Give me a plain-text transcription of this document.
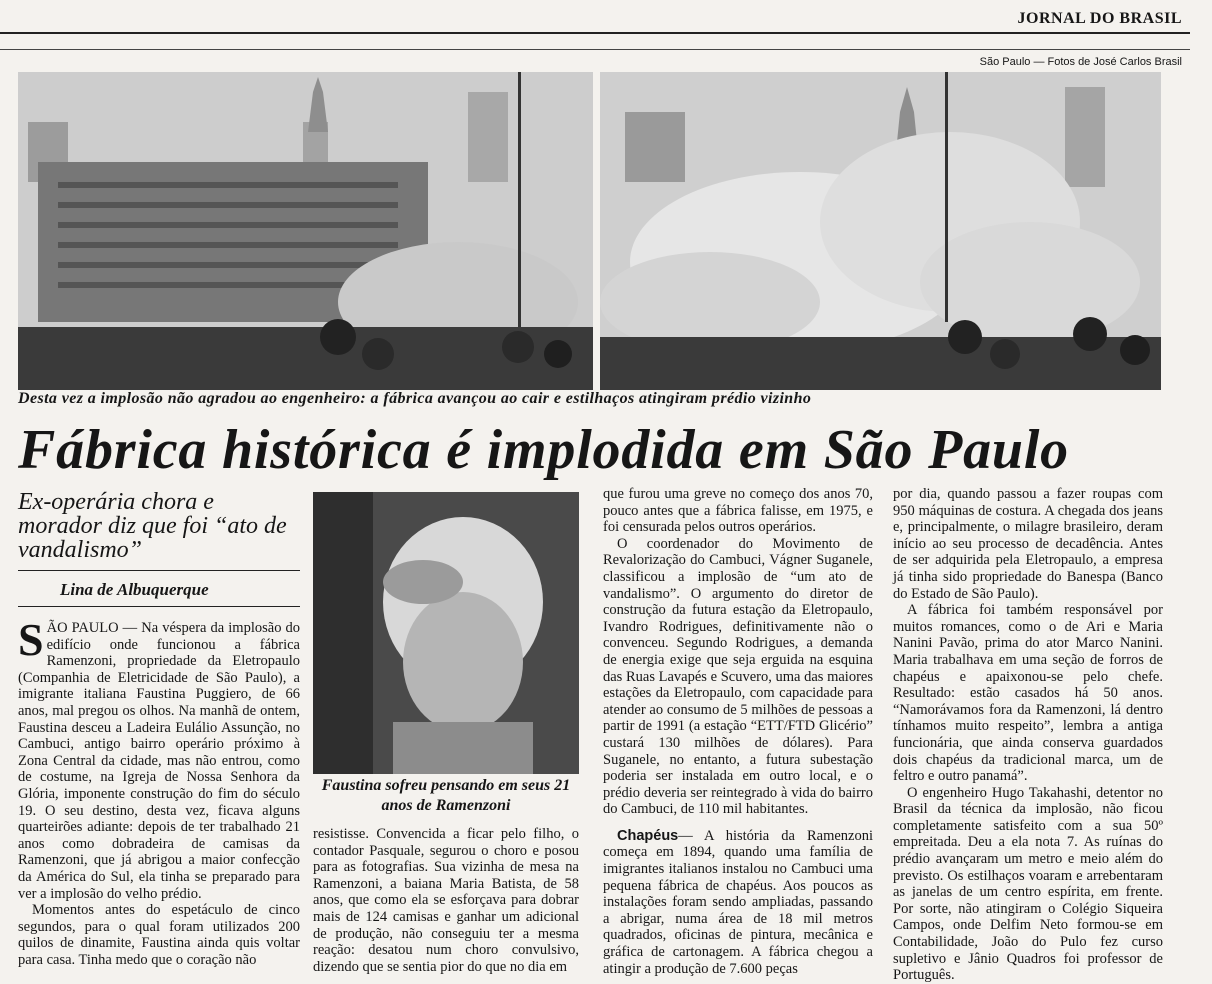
JORNAL DO BRASIL
São Paulo — Fotos de José Carlos Brasil
Desta vez a implosão não agradou ao engenheiro: a fábrica avançou ao cair e estilhaços atingiram prédio vizinho
Fábrica histórica é implodida em São Paulo
Ex-operária chora e morador diz que foi “ato de vandalismo”
Lina de Albuquerque

SÃO PAULO — Na véspera da implosão do edifício onde funcionou a fábrica Ramenzoni, propriedade da Eletropaulo (Companhia de Eletricidade de São Paulo), a imigrante italiana Faustina Puggiero, de 66 anos, mal pregou os olhos. Na manhã de ontem, Faustina desceu a Ladeira Eulálio Assunção, no Cambuci, antigo bairro operário próximo à Zona Central da cidade, mas não entrou, como de costume, na Igreja de Nossa Senhora da Glória, imponente construção do fim do século 19. O seu destino, desta vez, ficava alguns quarteirões adiante: depois de ter trabalhado 21 anos como dobradeira de camisas da Ramenzoni, que já abrigou a maior confecção da América do Sul, ela tinha se preparado para ver a implosão do velho prédio.

Momentos antes do espetáculo de cinco segundos, para o qual foram utilizados 200 quilos de dinamite, Faustina ainda quis voltar para casa. Tinha medo que o coração não

Faustina sofreu pensando em seus 21 anos de Ramenzoni

resistisse. Convencida a ficar pelo filho, o contador Pasquale, segurou o choro e posou para as fotografias. Sua vizinha de mesa na Ramenzoni, a baiana Maria Batista, de 58 anos, que como ela se esforçava para dobrar mais de 124 camisas e ganhar um adicional de produção, não conseguiu ter a mesma reação: desatou num choro convulsivo, dizendo que se sentia pior do que no dia em

que furou uma greve no começo dos anos 70, pouco antes que a fábrica falisse, em 1975, e foi censurada pelos outros operários.

O coordenador do Movimento de Revalorização do Cambuci, Vágner Suganele, classificou a implosão de “um ato de vandalismo”. O argumento do diretor de construção da futura estação da Eletropaulo, Ivandro Rodrigues, definitivamente não o convenceu. Segundo Rodrigues, a demanda de energia exige que seja erguida na esquina das Ruas Lavapés e Scuvero, uma das maiores estações da Eletropaulo, com capacidade para atender ao consumo de 5 milhões de pessoas a partir de 1991 (a estação “ETT/FTD Glicério” custará 130 milhões de dólares). Para Suganele, no entanto, a futura subestação poderia ser instalada em outro local, e o prédio deveria ser reintegrado à vida do bairro do Cambuci, de 110 mil habitantes.

Chapéus— A história da Ramenzoni começa em 1894, quando uma família de imigrantes italianos instalou no Cambuci uma pequena fábrica de chapéus. Aos poucos as instalações foram sendo ampliadas, passando a abrigar, numa área de 18 mil metros quadrados, oficinas de pintura, mecânica e gráfica de cartonagem. A fábrica chegou a atingir a produção de 7.600 peças

por dia, quando passou a fazer roupas com 950 máquinas de costura. A chegada dos jeans e, principalmente, o milagre brasileiro, deram início ao seu processo de decadência. Antes de ser adquirida pela Eletropaulo, a empresa já tinha sido propriedade do Banespa (Banco do Estado de São Paulo).

A fábrica foi também responsável por muitos romances, como o de Ari e Maria Nanini Pavão, prima do ator Marco Nanini. Maria trabalhava em uma seção de forros de chapéus e apaixonou-se pelo chefe. Resultado: estão casados há 50 anos. “Namorávamos fora da Ramenzoni, lá dentro tínhamos muito respeito”, lembra a antiga funcionária, que ainda conserva guardados dois chapéus da tradicional marca, um de feltro e outro panamá”.

O engenheiro Hugo Takahashi, detentor no Brasil da técnica da implosão, não ficou completamente satisfeito com a sua 50º empreitada. Deu a ela nota 7. As ruínas do prédio avançaram um metro e meio além do previsto. Os estilhaços voaram e arrebentaram as janelas de um centro espírita, em frente. Por sorte, não atingiram o Colégio Siqueira Campos, onde Delfim Neto formou-se em Contabilidade, João do Pulo fez curso supletivo e Jânio Quadros foi professor de Português.
